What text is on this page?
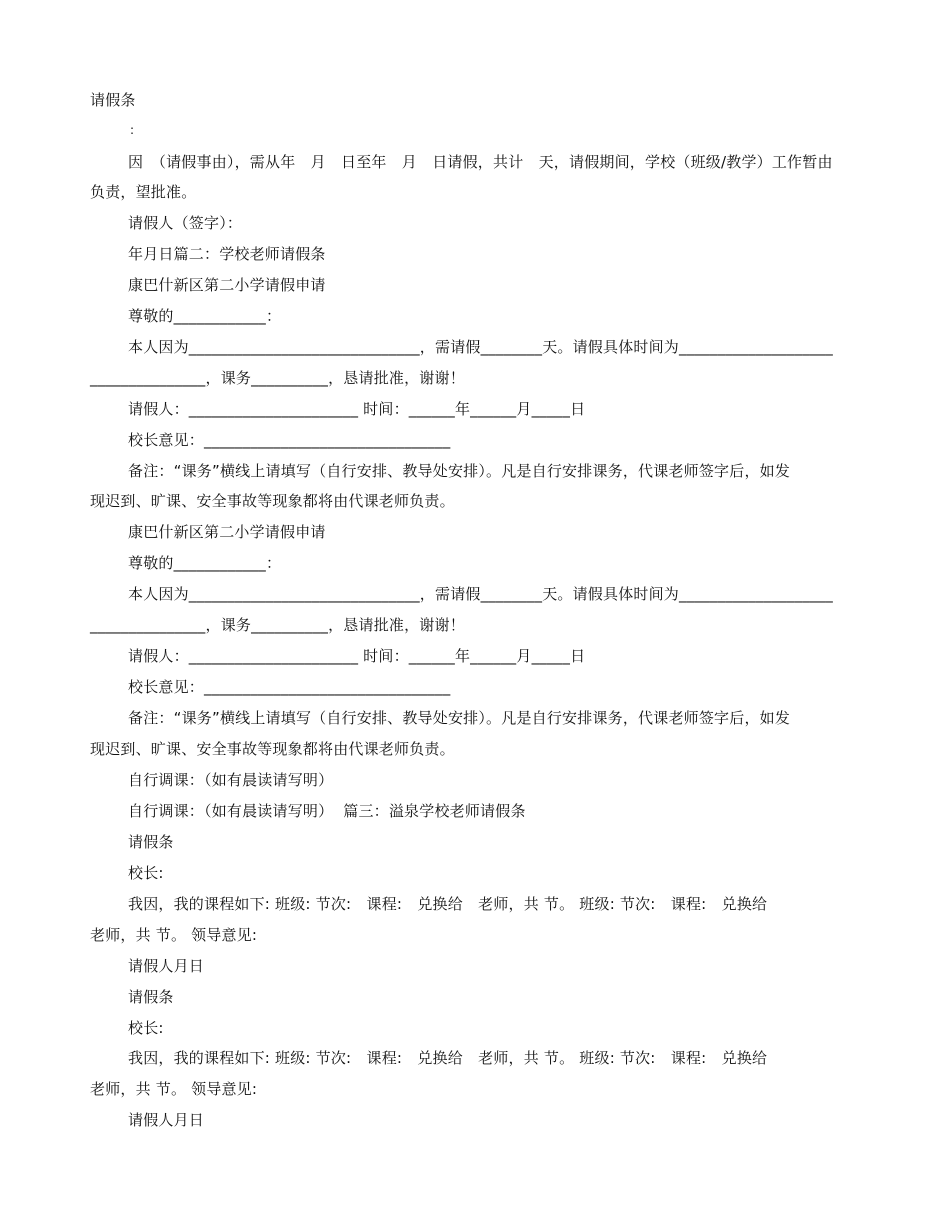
请假条
:
因　（请假事由），需从年　月　日至年　月　日请假，共计　天，请假期间，学校（班级/教学）工作暂由
负责，望批准。
请假人（签字）：
年月日篇二：学校老师请假条
康巴什新区第二小学请假申请
尊敬的____________：
本人因为______________________________，需请假________天。请假具体时间为____________________
_______________，课务__________，恳请批准，谢谢！
请假人：______________________ 时间：______年______月_____日
校长意见：________________________________
备注：“课务”横线上请填写（自行安排、教导处安排）。凡是自行安排课务，代课老师签字后，如发
现迟到、旷课、安全事故等现象都将由代课老师负责。
康巴什新区第二小学请假申请
尊敬的____________：
本人因为______________________________，需请假________天。请假具体时间为____________________
_______________，课务__________，恳请批准，谢谢！
请假人：______________________ 时间：______年______月_____日
校长意见：________________________________
备注：“课务”横线上请填写（自行安排、教导处安排）。凡是自行安排课务，代课老师签字后，如发
现迟到、旷课、安全事故等现象都将由代课老师负责。
自行调课：（如有晨读请写明）
自行调课：（如有晨读请写明）  篇三：溢泉学校老师请假条
请假条
校长:
我因，我的课程如下: 班级: 节次:　课程:　兑换给　老师，共 节。 班级: 节次:　课程:　兑换给
老师，共 节。 领导意见:
请假人月日
请假条
校长:
我因，我的课程如下: 班级: 节次:　课程:　兑换给　老师，共 节。 班级: 节次:　课程:　兑换给
老师，共 节。 领导意见:
请假人月日
